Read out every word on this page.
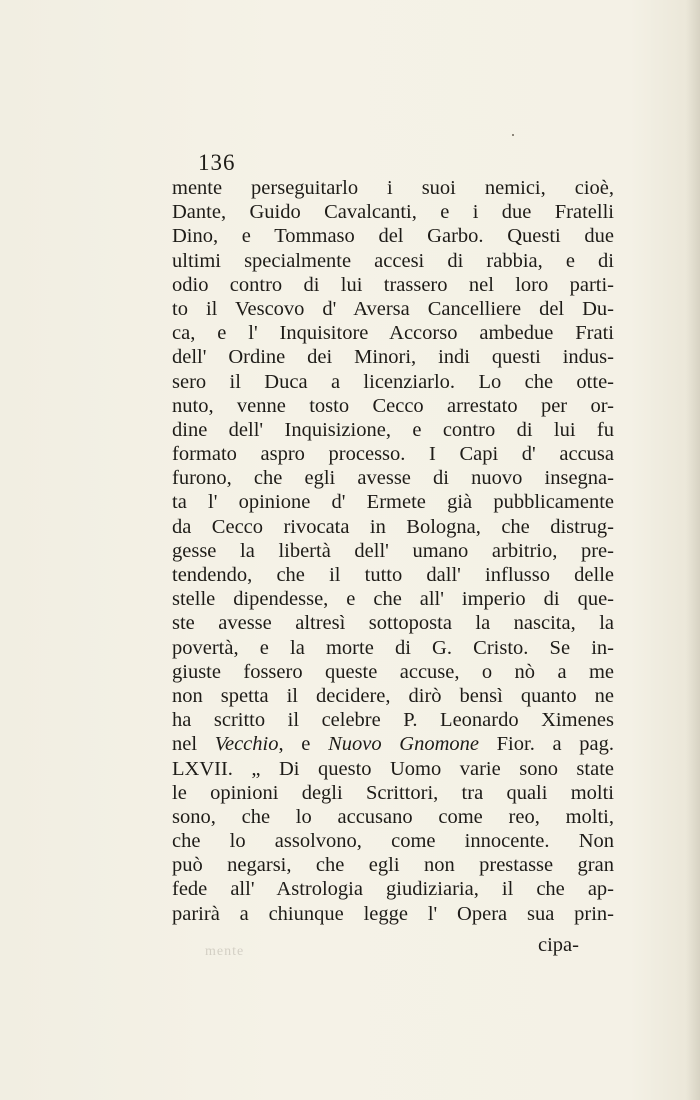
136
mente perseguitarlo i suoi nemici, cioè,
Dante, Guido Cavalcanti, e i due Fratelli
Dino, e Tommaso del Garbo. Questi due
ultimi specialmente accesi di rabbia, e di
odio contro di lui trassero nel loro parti-
to il Vescovo d' Aversa Cancelliere del Du-
ca, e l' Inquisitore Accorso ambedue Frati
dell' Ordine dei Minori, indi questi indus-
sero il Duca a licenziarlo. Lo che otte-
nuto, venne tosto Cecco arrestato per or-
dine dell' Inquisizione, e contro di lui fu
formato aspro processo. I Capi d' accusa
furono, che egli avesse di nuovo insegna-
ta l' opinione d' Ermete già pubblicamente
da Cecco rivocata in Bologna, che distrug-
gesse la libertà dell' umano arbitrio, pre-
tendendo, che il tutto dall' influsso delle
stelle dipendesse, e che all' imperio di que-
ste avesse altresì sottoposta la nascita, la
povertà, e la morte di G. Cristo. Se in-
giuste fossero queste accuse, o nò a me
non spetta il decidere, dirò bensì quanto ne
ha scritto il celebre P. Leonardo Ximenes
nel Vecchio, e Nuovo Gnomone Fior. a pag.
LXVII. „ Di questo Uomo varie sono state
le opinioni degli Scrittori, tra quali molti
sono, che lo accusano come reo, molti,
che lo assolvono, come innocente. Non
può negarsi, che egli non prestasse gran
fede all' Astrologia giudiziaria, il che ap-
parirà a chiunque legge l' Opera sua prin-
mente	cipa-
